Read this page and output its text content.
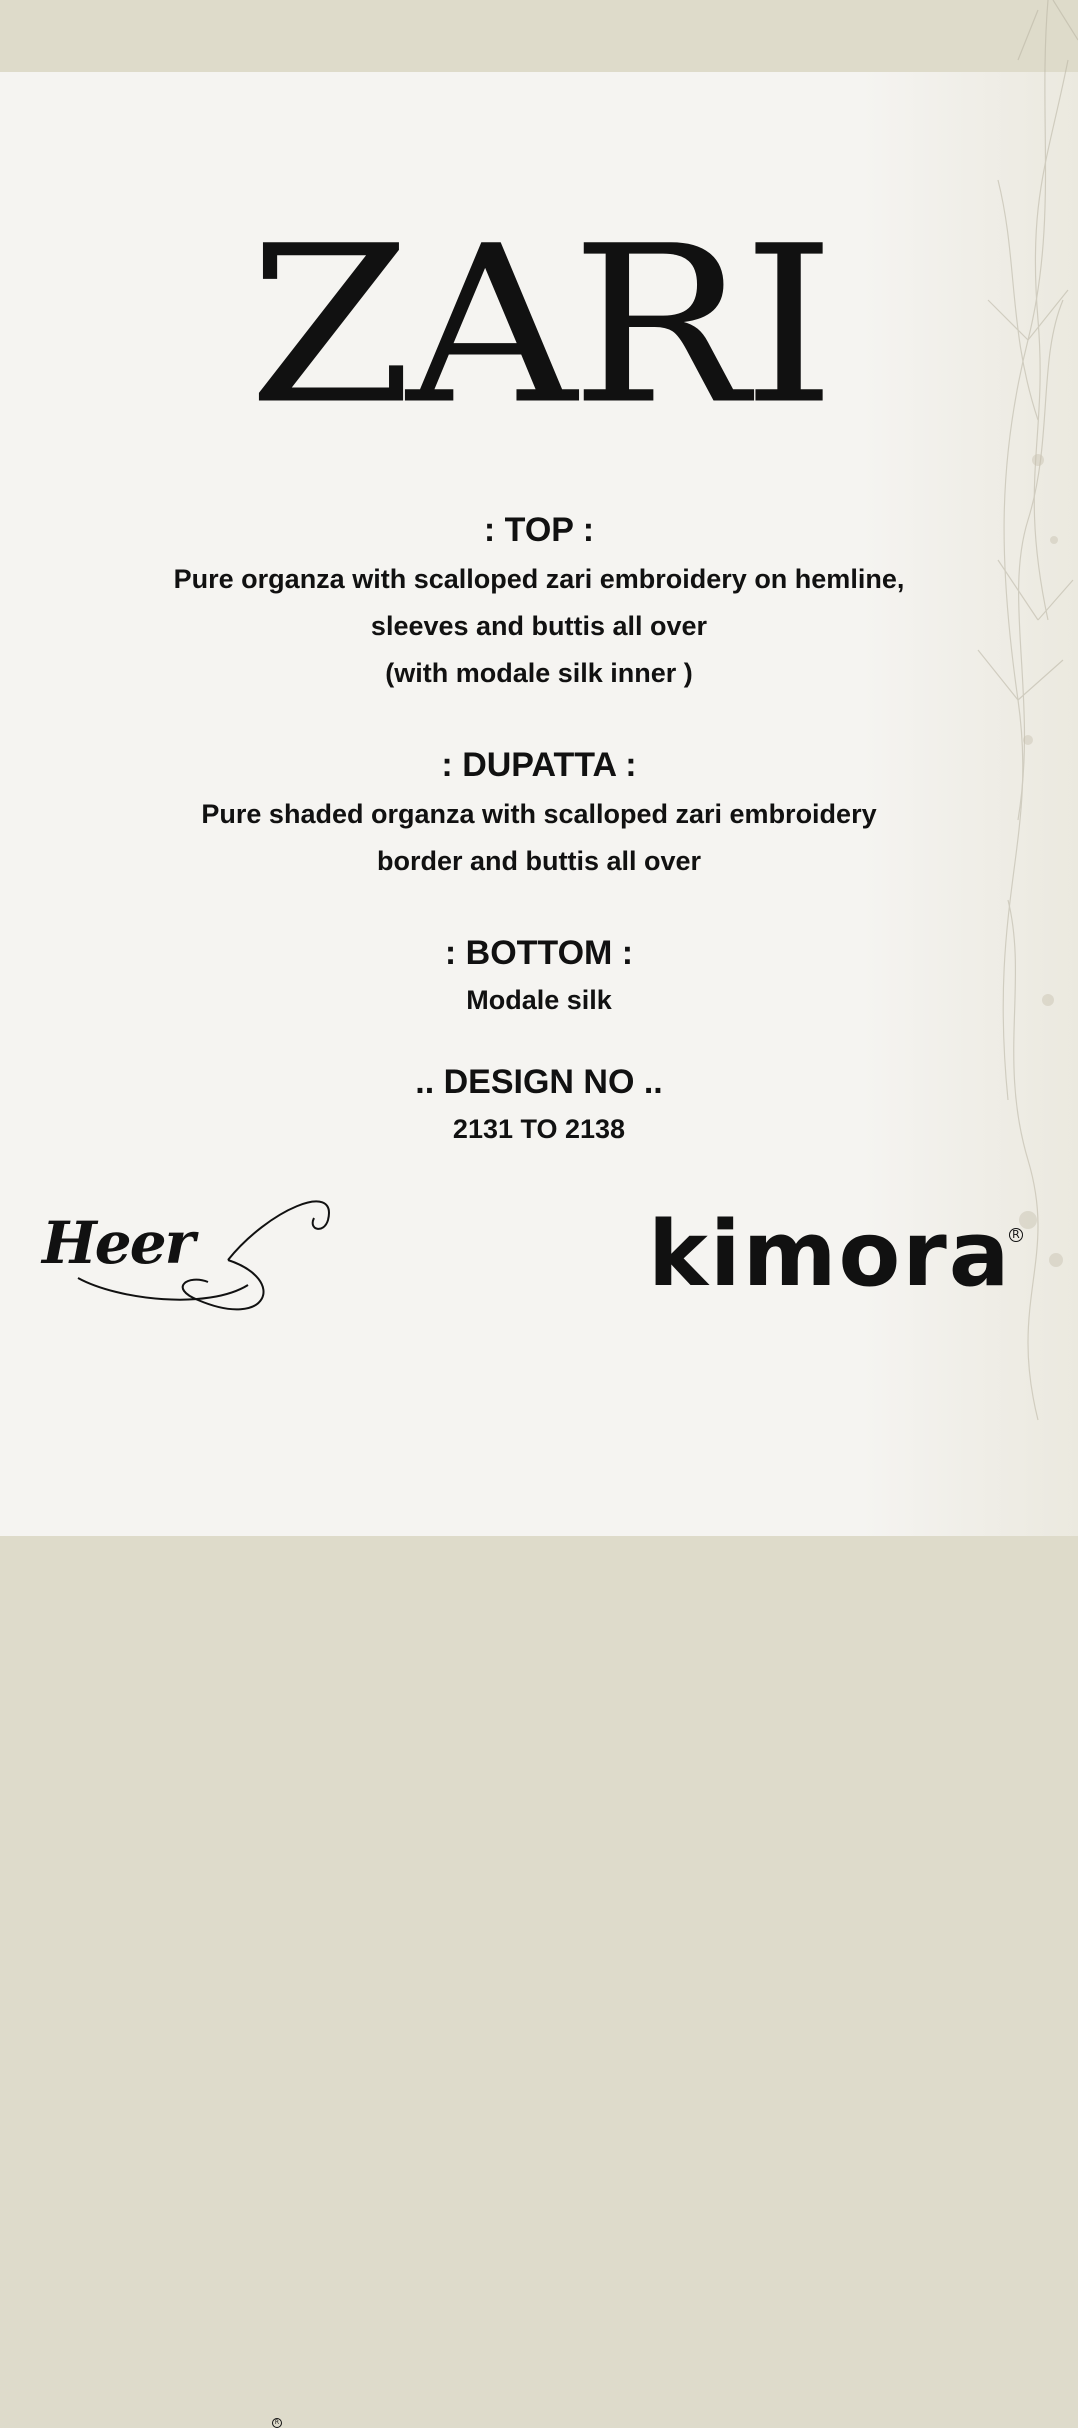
ZARI
: TOP :
Pure organza with scalloped zari embroidery on hemline,
sleeves and buttis all over
(with modale silk inner )
: DUPATTA :
Pure shaded organza with scalloped zari embroidery
border and buttis all over
: BOTTOM :
Modale silk
.. DESIGN NO ..
2131 TO 2138
Heer
R
kimora R
